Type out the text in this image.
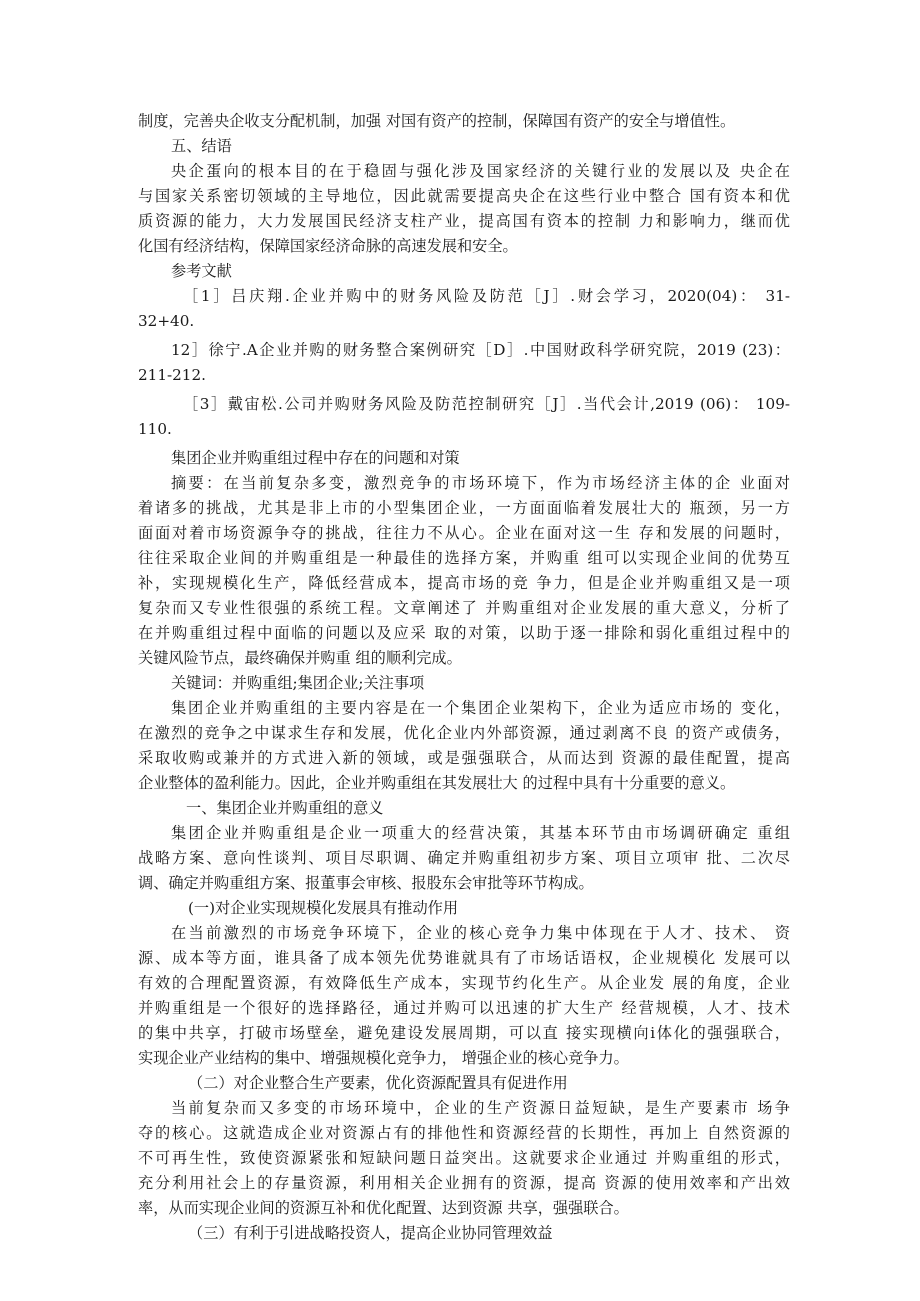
制度，完善央企收支分配机制，加强 对国有资产的控制，保障国有资产的安全与增值性。
五、结语
央企蛋向的根本目的在于稳固与强化涉及国家经济的关键行业的发展以及 央企在
与国家关系密切领域的主导地位，因此就需要提高央企在这些行业中整合 国有资本和优
质资源的能力，大力发展国民经济支柱产业，提高国有资本的控制 力和影响力，继而优
化国有经济结构，保障国家经济命脉的高速发展和安全。
参考文献
［1］吕庆翔.企业并购中的财务风险及防范［J］.财会学习，2020(04)： 31-
32+40.
12］徐宁.A企业并购的财务整合案例研究［D］.中国财政科学研究院，2019 (23)：
211-212.
［3］戴宙松.公司并购财务风险及防范控制研究［J］.当代会计,2019 (06)： 109-
110.
集团企业并购重组过程中存在的问题和对策
摘要：在当前复杂多变，激烈竞争的市场环境下，作为市场经济主体的企 业面对
着诸多的挑战，尤其是非上市的小型集团企业，一方面面临着发展壮大的 瓶颈，另一方
面面对着市场资源争夺的挑战，往往力不从心。企业在面对这一生 存和发展的问题时，
往往采取企业间的并购重组是一种最佳的选择方案，并购重 组可以实现企业间的优势互
补，实现规模化生产，降低经营成本，提高市场的竞 争力，但是企业并购重组又是一项
复杂而又专业性很强的系统工程。文章阐述了 并购重组对企业发展的重大意义，分析了
在并购重组过程中面临的问题以及应采 取的对策，以助于逐一排除和弱化重组过程中的
关键风险节点，最终确保并购重 组的顺利完成。
关键词：并购重组;集团企业;关注事项
集团企业并购重组的主要内容是在一个集团企业架构下，企业为适应市场的 变化，
在激烈的竞争之中谋求生存和发展，优化企业内外部资源，通过剥离不良 的资产或债务，
采取收购或兼并的方式进入新的领域，或是强强联合，从而达到 资源的最佳配置，提高
企业整体的盈利能力。因此，企业并购重组在其发展壮大 的过程中具有十分重要的意义。
一、集团企业并购重组的意义
集团企业并购重组是企业一项重大的经营决策，其基本环节由市场调研确定 重组
战略方案、意向性谈判、项目尽职调、确定并购重组初步方案、项目立项审 批、二次尽
调、确定并购重组方案、报董事会审核、报股东会审批等环节构成。
(一)对企业实现规模化发展具有推动作用
在当前激烈的市场竞争环境下，企业的核心竞争力集中体现在于人才、技术、 资
源、成本等方面，谁具备了成本领先优势谁就具有了市场话语权，企业规模化 发展可以
有效的合理配置资源，有效降低生产成本，实现节约化生产。从企业发 展的角度，企业
并购重组是一个很好的选择路径，通过并购可以迅速的扩大生产 经营规模，人才、技术
的集中共享，打破市场壁垒，避免建设发展周期，可以直 接实现横向i体化的强强联合，
实现企业产业结构的集中、增强规模化竞争力， 增强企业的核心竞争力。
（二）对企业整合生产要素，优化资源配置具有促进作用
当前复杂而又多变的市场环境中，企业的生产资源日益短缺，是生产要素市 场争
夺的核心。这就造成企业对资源占有的排他性和资源经营的长期性，再加上 自然资源的
不可再生性，致使资源紧张和短缺问题日益突出。这就要求企业通过 并购重组的形式，
充分利用社会上的存量资源，利用相关企业拥有的资源，提高 资源的使用效率和产出效
率，从而实现企业间的资源互补和优化配置、达到资源 共享，强强联合。
（三）有利于引进战略投资人，提高企业协同管理效益
